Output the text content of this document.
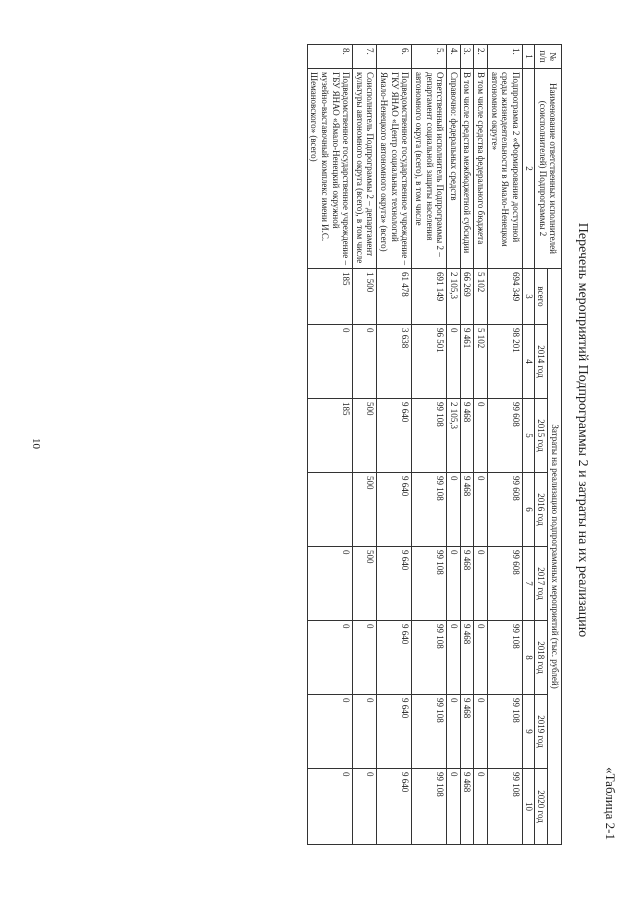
10
«Таблица 2-1
Перечень мероприятий Подпрограммы 2 и затраты на их реализацию
№ п/п	Наименование ответственных исполнителей (соисполнителей) Подпрограммы 2	Затраты на реализацию подпрограммных мероприятий (тыс. рублей)							
		всего	2014 год	2015 год	2016 год	2017 год	2018 год	2019 год	2020 год
1	2	3	4	5	6	7	8	9	10
1.	Подпрограмма 2 «Формирование доступной среды жизнедеятельности в Ямало-Ненецком автономном округе»	694 349	98 201	99 608	99 608	99 608	99 108	99 108	99 108
2.	В том числе средства федерального бюджета	5 102	5 102	0	0	0	0	0	0
3.	В том числе средства межбюджетной субсидии	66 269	9 461	9 468	9 468	9 468	9 468	9 468	9 468
4.	Справочно: федеральных средств	2 105,3	0	2 105,3	0	0	0	0	0
5.	Ответственный исполнитель Подпрограммы 2 – департамент социальной защиты населения автономного округа (всего), в том числе	691 149	96 501	99 108	99 108	99 108	99 108	99 108	99 108
6.	Подведомственное государственное учреждение – ГКУ ЯНАО «Центр социальных технологий Ямало-Ненецкого автономного округа» (всего)	61 478	3 638	9 640	9 640	9 640	9 640	9 640	9 640
7.	Соисполнитель Подпрограммы 2 – департамент культуры автономного округа (всего), в том числе	1 500	0	500	500	500	0	0	0
8.	Подведомственное государственное учреждение – ГБУ ЯНАО «Ямало-Ненецкий окружной музейно-выставочный комплекс имени И.С. Шемановского» (всего)	185	0	185		0	0	0	0
